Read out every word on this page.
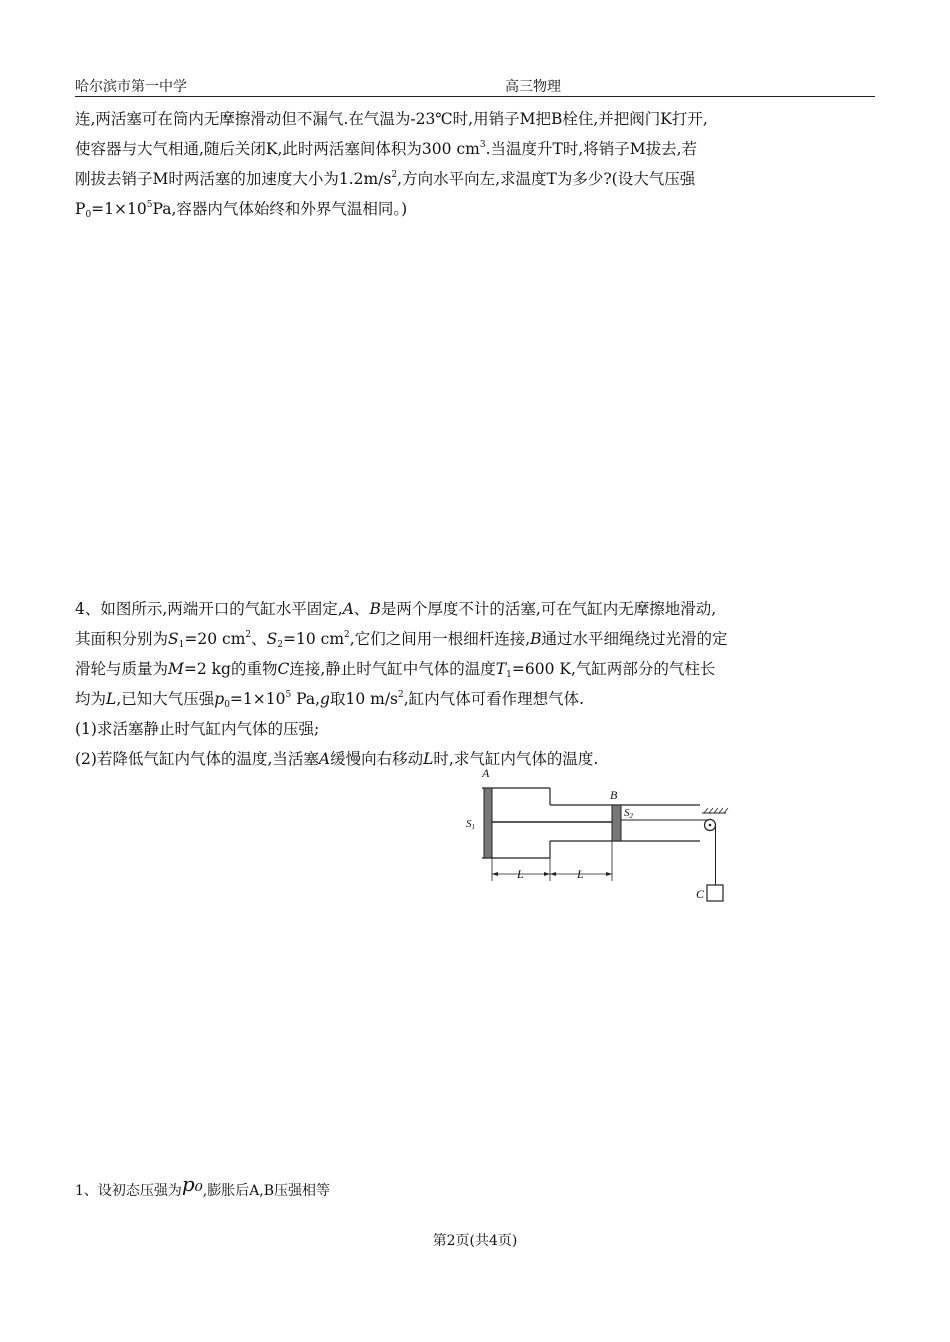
哈尔滨市第一中学	高三物理
连,两活塞可在筒内无摩擦滑动但不漏气.在气温为-23℃时,用销子M把B栓住,并把阀门K打开,
使容器与大气相通,随后关闭K,此时两活塞间体积为300 $cm^3$.当温度升T时,将销子M拔去,若
刚拔去销子M时两活塞的加速度大小为$1.2m/s^2$,方向水平向左,求温度T为多少?(设大气压强
$P_0=1\times 10^5Pa$,容器内气体始终和外界气温相同。)
4、如图所示,两端开口的气缸水平固定,A、B是两个厚度不计的活塞,可在气缸内无摩擦地滑动,
其面积分别为$S_1=20$ $cm^2$、$S_2=10$ $cm^2$,它们之间用一根细杆连接,B通过水平细绳绕过光滑的定
滑轮与质量为M=2 kg的重物C连接,静止时气缸中气体的温度$T_1=600$ K,气缸两部分的气柱长
均为L,已知大气压强$p_0=1\times 10^5$ Pa,g取10 $m/s^2$,缸内气体可看作理想气体.
(1)求活塞静止时气缸内气体的压强;
(2)若降低气缸内气体的温度,当活塞A缓慢向右移动L时,求气缸内气体的温度.
A
B
S1
S2
L	L
C
1、设初态压强为p₀,膨胀后A,B压强相等
第2页(共4页)
